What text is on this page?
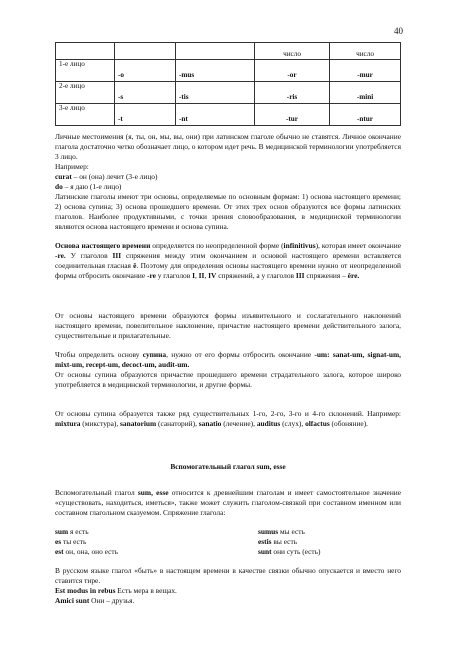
40
			число	число
1-е лицо	-o	-mus	-or	-mur
2-е лицо	-s	-tis	-ris	-mini
3-е лицо	-t	-nt	-tur	-ntur

Личные местоимения (я, ты, он, мы, вы, они) при латинском глаголе обычно не ставятся. Личное окончание глагола достаточно четко обозначает лицо, о котором идет речь. В медицинской терминологии употребляется 3 лицо.

Например:

curat – он (она) лечит (3-е лицо)

do – я даю (1-е лицо)

Латинские глаголы имеют три основы, определяемые по основным формам: 1) основа настоящего времени; 2) основа супина; 3) основа прошедшего времени. От этих трех основ образуются все формы латинских глаголов. Наиболее продуктивными, с точки зрения словообразования, в медицинской терминологии являются основа настоящего времени и основа супина.

Основа настоящего времени определяется по неопределенной форме (infinitivus), которая имеет окончание -re. У глаголов III спряжения между этим окончанием и основой настоящего времени вставляется соединительная гласная ĕ. Поэтому для определения основы настоящего времени нужно от неопределенной формы отбросить окончание -re у глаголов I, II, IV спряжений, а у глаголов III спряжения – ĕre.

От основы настоящего времени образуются формы изъявительного и сослагательного наклонений настоящего времени, повелительное наклонение, причастие настоящего времени действительного залога, существительные и прилагательные.

Чтобы определить основу супина, нужно от его формы отбросить окончание -um: sanat-um, signat-um, mixt-um, recept-um, decoct-um, audit-um.

От основы супина образуются причастие прошедшего времени страдательного залога, которое широко употребляется в медицинской терминологии, и другие формы.

От основы супина образуется также ряд существительных 1-го, 2-го, 3-го и 4-го склонений. Например: mixtura (микстура), sanatorium (санаторий), sanatio (лечение), auditus (слух), olfactus (обоняние).

Вспомогательный глагол sum, esse

Вспомогательный глагол sum, esse относится к древнейшим глаголам и имеет самостоятельное значение «существовать, находиться, иметься», также может служить глаголом-связкой при составном именном или составном глагольном сказуемом. Спряжение глагола:

sum я есть	sumus мы есть
es ты есть	estis вы есть
est он, она, оно есть	sunt они суть (есть)

В русском языке глагол «быть» в настоящем времени в качестве связки обычно опускается и вместо него ставится тире.

Est modus in rebus Есть мера в вещах.

Amici sunt Они – друзья.
